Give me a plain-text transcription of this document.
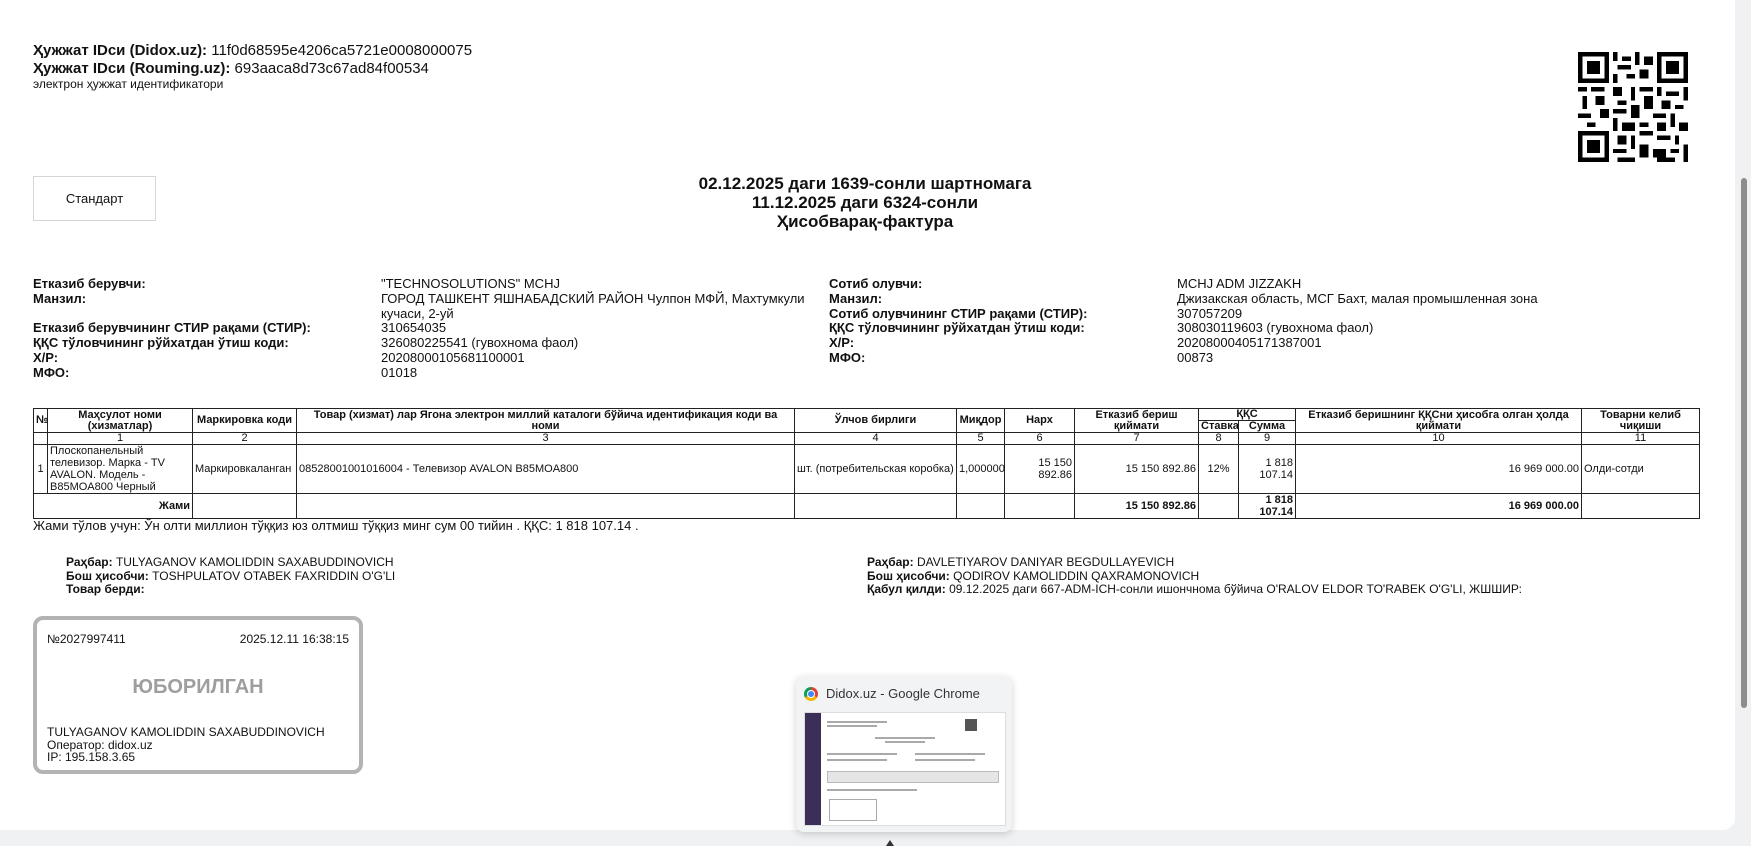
Ҳужжат IDси (Didox.uz): 11f0d68595e4206ca5721e0008000075
Ҳужжат IDси (Rouming.uz): 693aaca8d73c67ad84f00534
электрон ҳужжат идентификатори
Стандарт
02.12.2025 даги 1639-сонли шартномага
11.12.2025 даги 6324-сонли
Ҳисобварақ-фактура
Етказиб берувчи:	"TECHNOSOLUTIONS" MCHJ
Манзил:	ГОРОД ТАШКЕНТ ЯШНАБАДСКИЙ РАЙОН Чулпон МФЙ, Махтумкули

кучаси, 2-уй
Етказиб берувчининг СТИР рақами (СТИР):	310654035
ҚҚС тўловчининг рўйхатдан ўтиш коди:	326080225541 (гувохнома фаол)
Х/Р:	20208000105681100001
МФО:	01018
Сотиб олувчи:	MCHJ ADM JIZZAKH
Манзил:	Джизакская область, МСГ Бахт, малая промышленная зона
Сотиб олувчининг СТИР рақами (СТИР):	307057209
ҚҚС тўловчининг рўйхатдан ўтиш коди:	308030119603 (гувохнома фаол)
Х/Р:	20208000405171387001
МФО:	00873
№	Маҳсулот номи (хизматлар)	Маркировка коди	Товар (хизмат) лар Ягона электрон миллий каталоги бўйича идентификация коди ва номи	Ўлчов бирлиги	Миқдор	Нарх	Етказиб бериш қиймати	ҚҚС		Етказиб беришнинг ҚҚСни ҳисобга олган ҳолда қиймати	Товарни келиб чиқиши
								Ставка	Сумма		
	1	2	3	4	5	6	7	8	9	10	11
1	Плоскопанельный телевизор. Марка - TV AVALON. Модель - B85MOA800 Черный	Маркировкаланган	08528001001016004 - Телевизор AVALON B85MOA800	шт. (потребительская коробка)	1,000000	15 150 892.86	15 150 892.86	12%	1 818 107.14	16 969 000.00	Олди-сотди
Жами							15 150 892.86		1 818 107.14	16 969 000.00	
Жами тўлов учун: Ўн олти миллион тўққиз юз олтмиш тўққиз минг сум 00 тийин . ҚҚС: 1 818 107.14 .
Раҳбар: TULYAGANOV KAMOLIDDIN SAXABUDDINOVICH
Бош ҳисобчи: TOSHPULATOV OTABEK FAXRIDDIN O'G'LI
Товар берди:
Раҳбар: DAVLETIYAROV DANIYAR BEGDULLAYEVICH
Бош ҳисобчи: QODIROV KAMOLIDDIN QAXRAMONOVICH
Қабул қилди: 09.12.2025 даги 667-ADM-ICH-сонли ишончнома бўйича O'RALOV ELDOR TO'RABEK O'G'LI, ЖШШИР:
№2027997411	2025.12.11 16:38:15
ЮБОРИЛГАН
TULYAGANOV KAMOLIDDIN SAXABUDDINOVICH
Оператор: didox.uz
IP: 195.158.3.65
Didox.uz - Google Chrome
